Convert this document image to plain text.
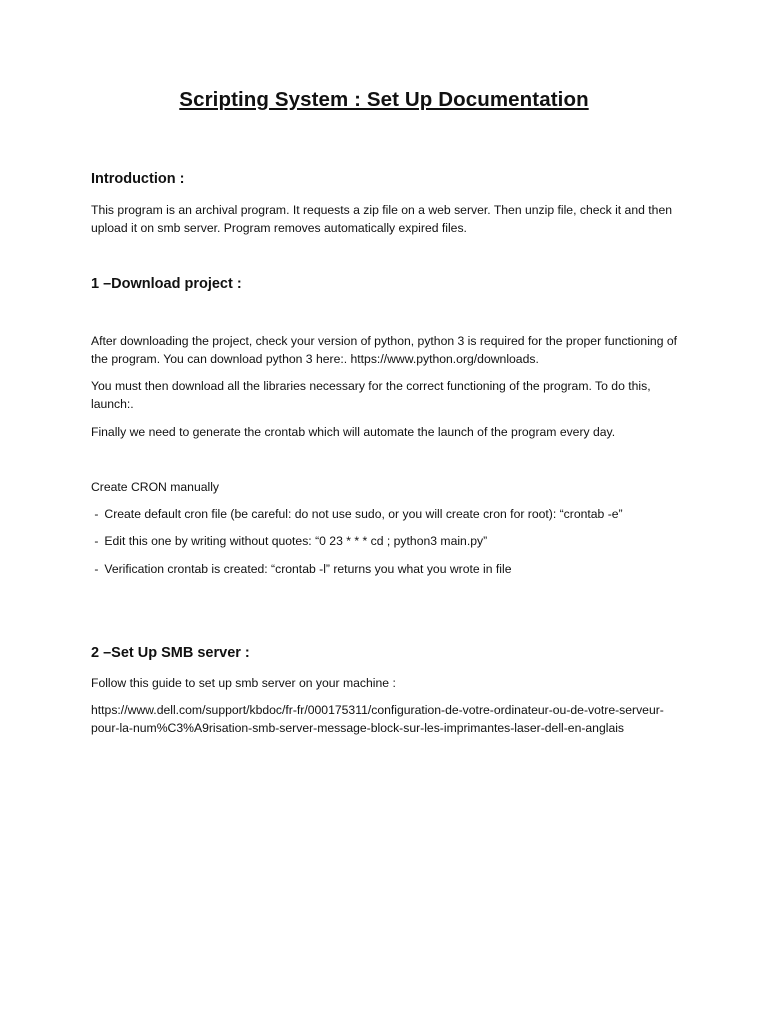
Scripting System : Set Up Documentation
Introduction :

This program is an archival program. It requests a zip file on a web server. Then unzip file, check it and then upload it on smb server. Program removes automatically expired files.

1 –Download project :

After downloading the project, check your version of python, python 3 is required for the proper functioning of the program. You can download python 3 here:. https://www.python.org/downloads.

You must then download all the libraries necessary for the correct functioning of the program. To do this, launch:.

Finally we need to generate the crontab which will automate the launch of the program every day.

Create CRON manually

- Create default cron file (be careful: do not use sudo, or you will create cron for root): “crontab -e”
- Edit this one by writing without quotes: “0 23 * * * cd ; python3 main.py”
- Verification crontab is created: “crontab -l” returns you what you wrote in file
2 –Set Up SMB server :

Follow this guide to set up smb server on your machine :

https://www.dell.com/support/kbdoc/fr-fr/000175311/configuration-de-votre-ordinateur-ou-de-votre-serveur-pour-la-num%C3%A9risation-smb-server-message-block-sur-les-imprimantes-laser-dell-en-anglais
